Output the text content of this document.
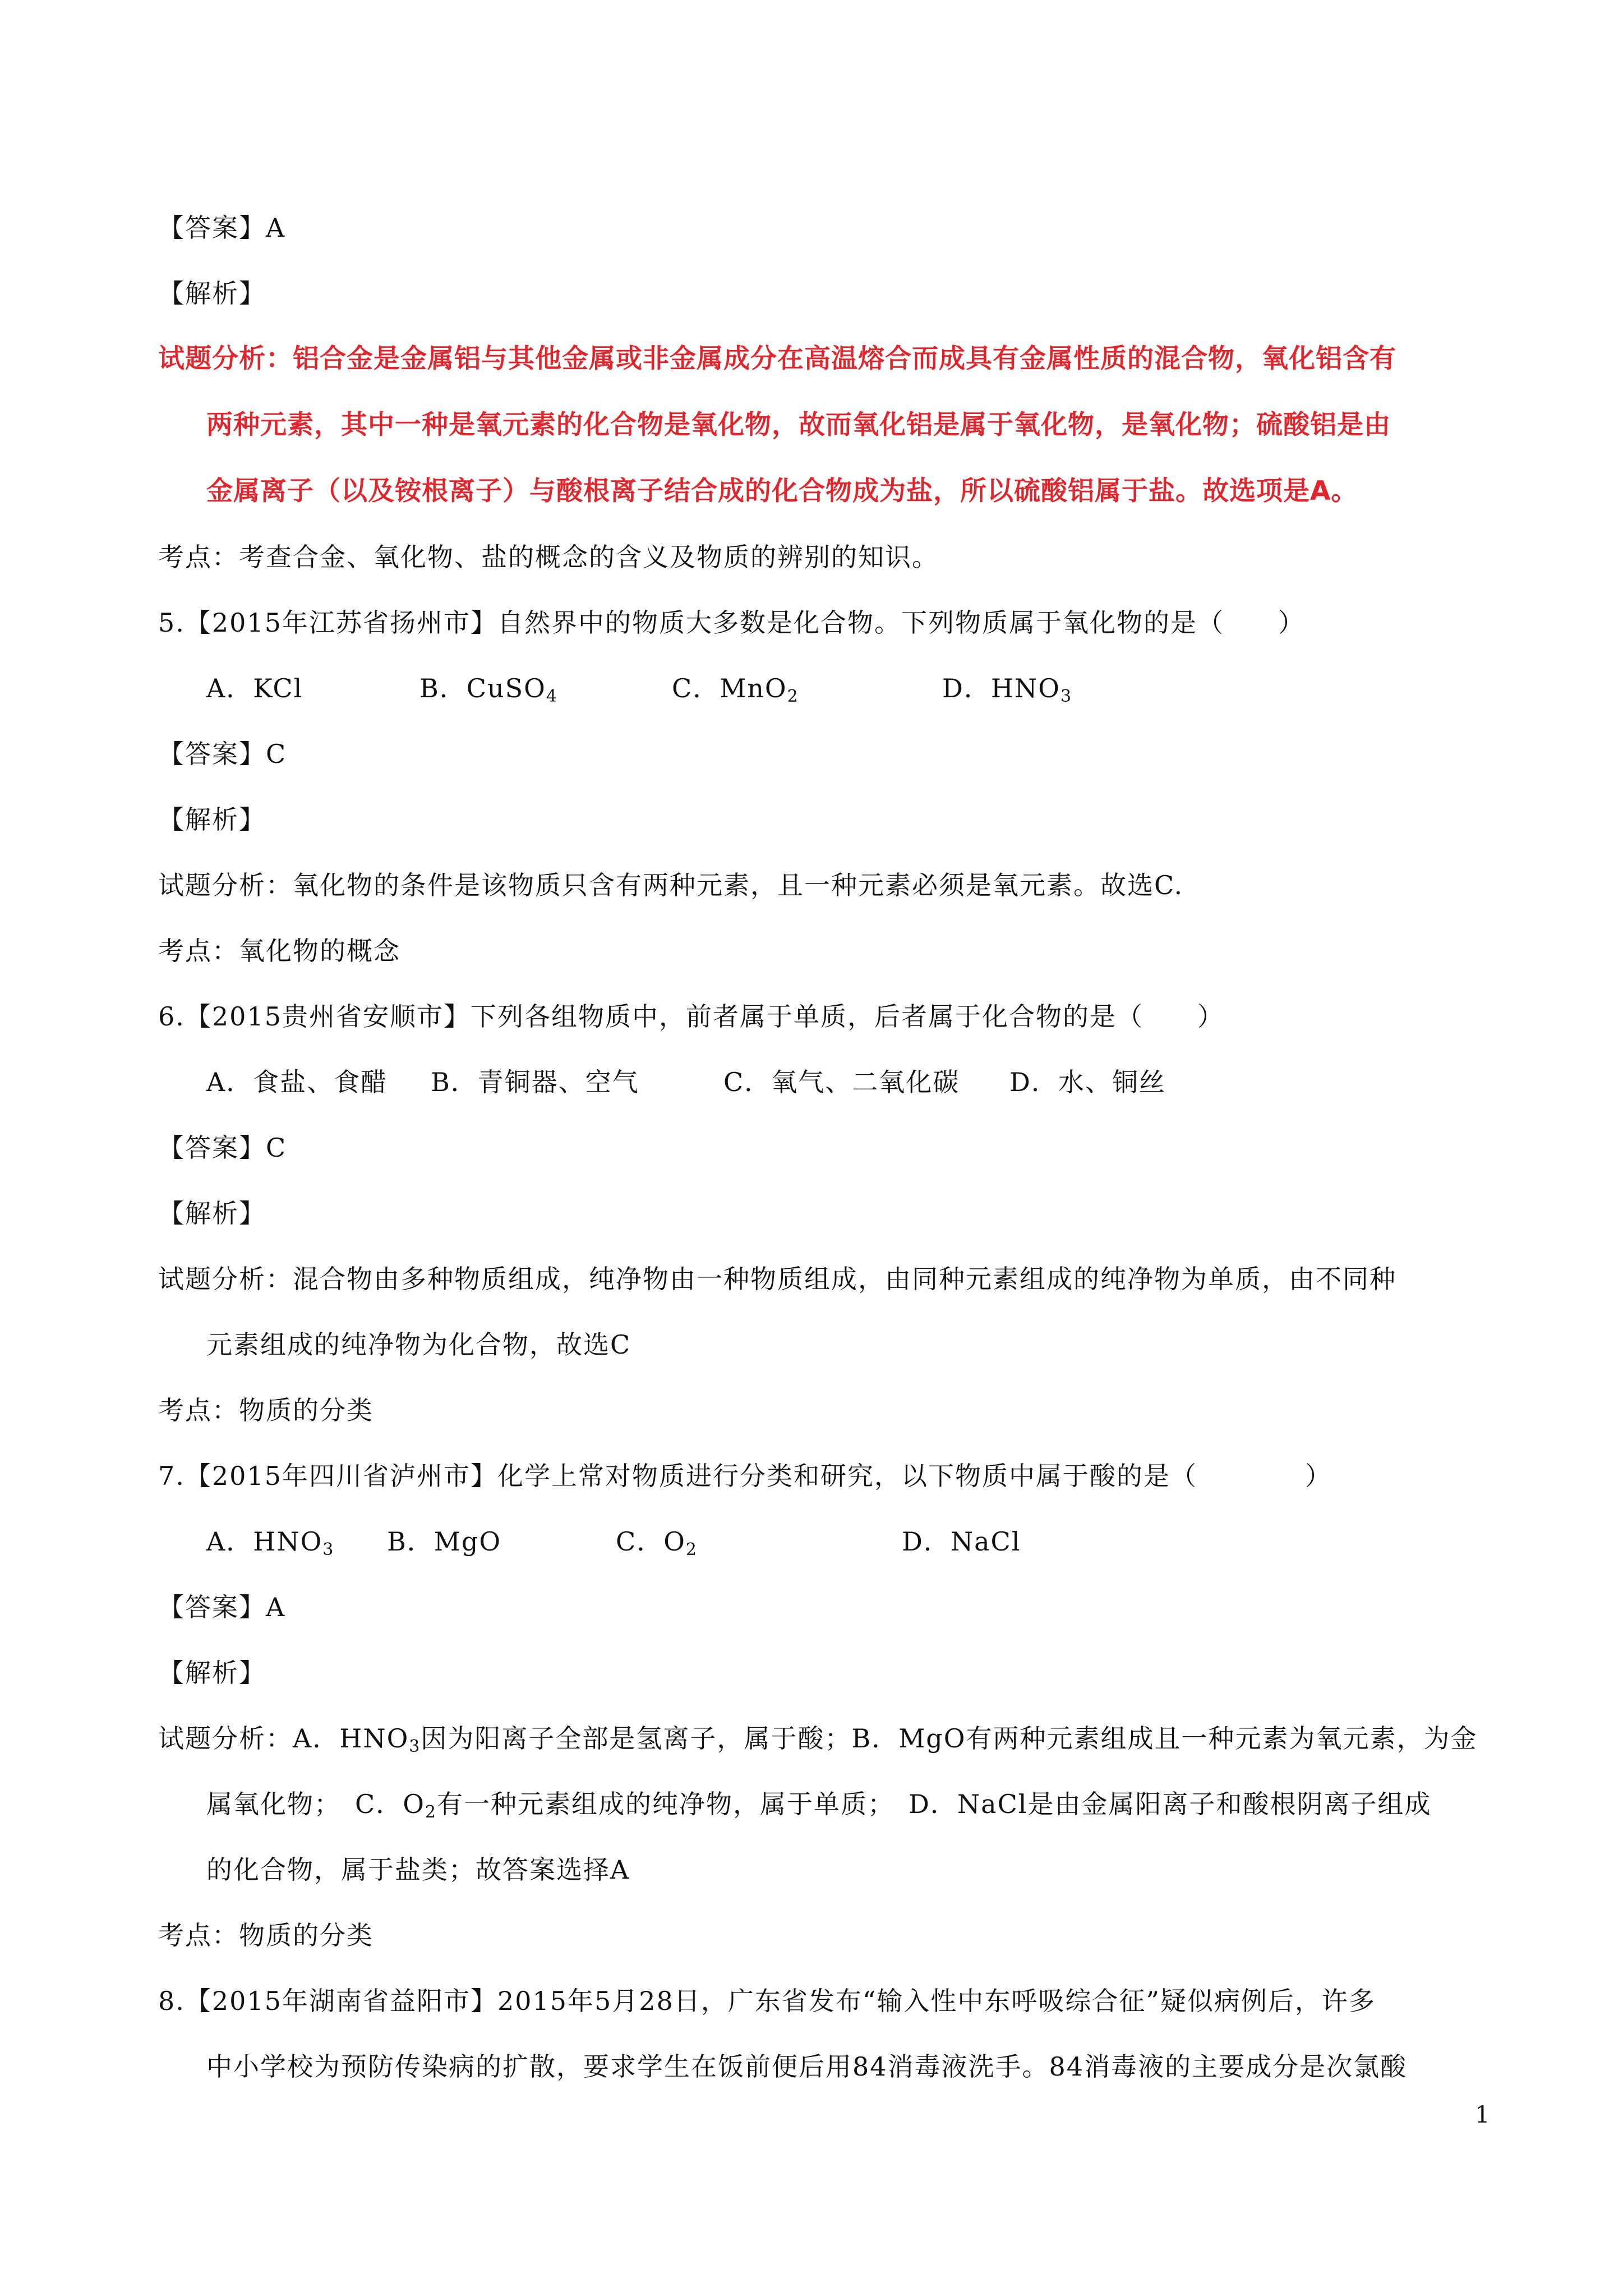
【答案】A
【解析】
试题分析：铝合金是金属铝与其他金属或非金属成分在高温熔合而成具有金属性质的混合物，氧化铝含有
两种元素，其中一种是氧元素的化合物是氧化物，故而氧化铝是属于氧化物，是氧化物；硫酸铝是由
金属离子（以及铵根离子）与酸根离子结合成的化合物成为盐，所以硫酸铝属于盐。故选项是A。
考点：考查合金、氧化物、盐的概念的含义及物质的辨别的知识。
5.【2015年江苏省扬州市】自然界中的物质大多数是化合物。下列物质属于氧化物的是（　　）
A．KCl	B．CuSO$_4$	C．MnO$_2$	D．$HNO_3$
【答案】C
【解析】
试题分析：氧化物的条件是该物质只含有两种元素，且一种元素必须是氧元素。故选C.
考点：氧化物的概念
6.【2015贵州省安顺市】下列各组物质中，前者属于单质，后者属于化合物的是（　　）
A．食盐、食醋 B．青铜器、空气	C．氧气、二氧化碳 D．水、铜丝
【答案】C
【解析】
试题分析：混合物由多种物质组成，纯净物由一种物质组成，由同种元素组成的纯净物为单质，由不同种
元素组成的纯净物为化合物，故选C
考点：物质的分类
7.【2015年四川省泸州市】化学上常对物质进行分类和研究，以下物质中属于酸的是（　　　　）
A．$HNO_3$ B．MgO	C．$O_2$	D．NaCl
【答案】A
【解析】
试题分析：A．$HNO_3$因为阳离子全部是氢离子，属于酸；B．MgO有两种元素组成且一种元素为氧元素，为金
属氧化物；　C．$O_2$有一种元素组成的纯净物，属于单质；　D．NaCl是由金属阳离子和酸根阴离子组成
的化合物，属于盐类；故答案选择A
考点：物质的分类
8.【2015年湖南省益阳市】2015年5月28日，广东省发布“输入性中东呼吸综合征”疑似病例后，许多
中小学校为预防传染病的扩散，要求学生在饭前便后用84消毒液洗手。84消毒液的主要成分是次氯酸
1
